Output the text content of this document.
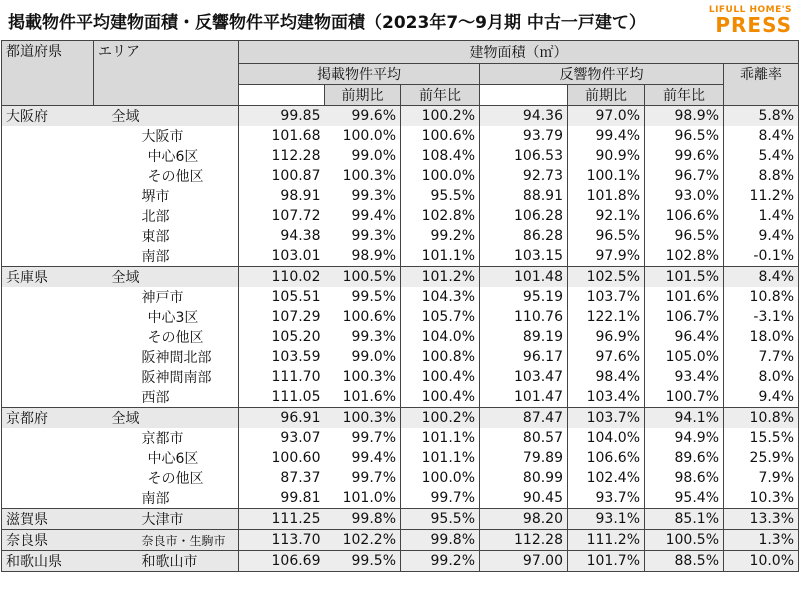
掲載物件平均建物面積・反響物件平均建物面積（2023年7～9月期 中古一戸建て）
LIFULL HOME'S
PRESS
都道府県	エリア	建物面積（㎡）						
		掲載物件平均			反響物件平均			乖離率
			前期比	前年比		前期比	前年比	
大阪府	全域	99.85	99.6%	100.2%	94.36	97.0%	98.9%	5.8%
	大阪市	101.68	100.0%	100.6%	93.79	99.4%	96.5%	8.4%
	中心6区	112.28	99.0%	108.4%	106.53	90.9%	99.6%	5.4%
	その他区	100.87	100.3%	100.0%	92.73	100.1%	96.7%	8.8%
	堺市	98.91	99.3%	95.5%	88.91	101.8%	93.0%	11.2%
	北部	107.72	99.4%	102.8%	106.28	92.1%	106.6%	1.4%
	東部	94.38	99.3%	99.2%	86.28	96.5%	96.5%	9.4%
	南部	103.01	98.9%	101.1%	103.15	97.9%	102.8%	-0.1%
兵庫県	全域	110.02	100.5%	101.2%	101.48	102.5%	101.5%	8.4%
	神戸市	105.51	99.5%	104.3%	95.19	103.7%	101.6%	10.8%
	中心3区	107.29	100.6%	105.7%	110.76	122.1%	106.7%	-3.1%
	その他区	105.20	99.3%	104.0%	89.19	96.9%	96.4%	18.0%
	阪神間北部	103.59	99.0%	100.8%	96.17	97.6%	105.0%	7.7%
	阪神間南部	111.70	100.3%	100.4%	103.47	98.4%	93.4%	8.0%
	西部	111.05	101.6%	100.4%	101.47	103.4%	100.7%	9.4%
京都府	全域	96.91	100.3%	100.2%	87.47	103.7%	94.1%	10.8%
	京都市	93.07	99.7%	101.1%	80.57	104.0%	94.9%	15.5%
	中心6区	100.60	99.4%	101.1%	79.89	106.6%	89.6%	25.9%
	その他区	87.37	99.7%	100.0%	80.99	102.4%	98.6%	7.9%
	南部	99.81	101.0%	99.7%	90.45	93.7%	95.4%	10.3%
滋賀県	大津市	111.25	99.8%	95.5%	98.20	93.1%	85.1%	13.3%
奈良県	奈良市・生駒市	113.70	102.2%	99.8%	112.28	111.2%	100.5%	1.3%
和歌山県	和歌山市	106.69	99.5%	99.2%	97.00	101.7%	88.5%	10.0%
